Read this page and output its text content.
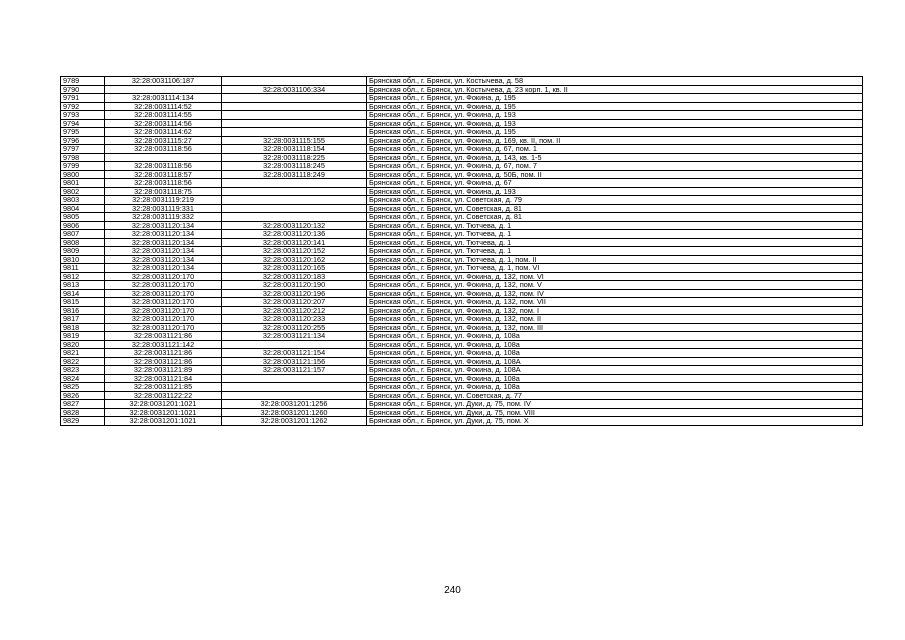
9789	32:28:0031106:187		Брянская обл., г. Брянск, ул. Костычева, д. 58
9790		32:28:0031106:334	Брянская обл., г. Брянск, ул. Костычева, д. 23 корп. 1, кв. II
9791	32:28:0031114:134		Брянская обл., г. Брянск, ул. Фокина, д. 195
9792	32:28:0031114:52		Брянская обл., г. Брянск, ул. Фокина, д. 195
9793	32:28:0031114:55		Брянская обл., г. Брянск, ул. Фокина, д. 193
9794	32:28:0031114:56		Брянская обл., г. Брянск, ул. Фокина, д. 193
9795	32:28:0031114:62		Брянская обл., г. Брянск, ул. Фокина, д. 195
9796	32:28:0031115:27	32:28:0031115:155	Брянская обл., г. Брянск, ул. Фокина, д. 169, кв. II, пом. II
9797	32:28:0031118:56	32:28:0031118:154	Брянская обл., г. Брянск, ул. Фокина, д. 67, пом. 1
9798		32:28:0031118:225	Брянская обл., г. Брянск, ул. Фокина, д. 143, кв. 1-5
9799	32:28:0031118:56	32:28:0031118:245	Брянская обл., г. Брянск, ул. Фокина, д. 67, пом. 7
9800	32:28:0031118:57	32:28:0031118:249	Брянская обл., г. Брянск, ул. Фокина, д. 50Б, пом. II
9801	32:28:0031118:56		Брянская обл., г. Брянск, ул. Фокина, д. 67
9802	32:28:0031118:75		Брянская обл., г. Брянск, ул. Фокина, д. 193
9803	32:28:0031119:219		Брянская обл., г. Брянск, ул. Советская, д. 79
9804	32:28:0031119:331		Брянская обл., г. Брянск, ул. Советская, д. 81
9805	32:28:0031119:332		Брянская обл., г. Брянск, ул. Советская, д. 81
9806	32:28:0031120:134	32:28:0031120:132	Брянская обл., г. Брянск, ул. Тютчева, д. 1
9807	32:28:0031120:134	32:28:0031120:136	Брянская обл., г. Брянск, ул. Тютчева, д. 1
9808	32:28:0031120:134	32:28:0031120:141	Брянская обл., г. Брянск, ул. Тютчева, д. 1
9809	32:28:0031120:134	32:28:0031120:152	Брянская обл., г. Брянск, ул. Тютчева, д. 1
9810	32:28:0031120:134	32:28:0031120:162	Брянская обл., г. Брянск, ул. Тютчева, д. 1, пом. II
9811	32:28:0031120:134	32:28:0031120:165	Брянская обл., г. Брянск, ул. Тютчева, д. 1, пом. VI
9812	32:28:0031120:170	32:28:0031120:183	Брянская обл., г. Брянск, ул. Фокина, д. 132, пом. VI
9813	32:28:0031120:170	32:28:0031120:190	Брянская обл., г. Брянск, ул. Фокина, д. 132, пом. V
9814	32:28:0031120:170	32:28:0031120:196	Брянская обл., г. Брянск, ул. Фокина, д. 132, пом. IV
9815	32:28:0031120:170	32:28:0031120:207	Брянская обл., г. Брянск, ул. Фокина, д. 132, пом. VII
9816	32:28:0031120:170	32:28:0031120:212	Брянская обл., г. Брянск, ул. Фокина, д. 132, пом. I
9817	32:28:0031120:170	32:28:0031120:233	Брянская обл., г. Брянск, ул. Фокина, д. 132, пом. II
9818	32:28:0031120:170	32:28:0031120:255	Брянская обл., г. Брянск, ул. Фокина, д. 132, пом. III
9819	32:28:0031121:86	32:28:0031121:134	Брянская обл., г. Брянск, ул. Фокина, д. 108а
9820	32:28:0031121:142		Брянская обл., г. Брянск, ул. Фокина, д. 108а
9821	32:28:0031121:86	32:28:0031121:154	Брянская обл., г. Брянск, ул. Фокина, д. 108а
9822	32:28:0031121:86	32:28:0031121:156	Брянская обл., г. Брянск, ул. Фокина, д. 108А
9823	32:28:0031121:89	32:28:0031121:157	Брянская обл., г. Брянск, ул. Фокина, д. 108А
9824	32:28:0031121:84		Брянская обл., г. Брянск, ул. Фокина, д. 108а
9825	32:28:0031121:85		Брянская обл., г. Брянск, ул. Фокина, д. 108а
9826	32:28:0031122:22		Брянская обл., г. Брянск, ул. Советская, д. 77
9827	32:28:0031201:1021	32:28:0031201:1256	Брянская обл., г. Брянск, ул. Дуки, д. 75, пом. IV
9828	32:28:0031201:1021	32:28:0031201:1260	Брянская обл., г. Брянск, ул. Дуки, д. 75, пом. VIII
9829	32:28:0031201:1021	32:28:0031201:1262	Брянская обл., г. Брянск, ул. Дуки, д. 75, пом. X
240
